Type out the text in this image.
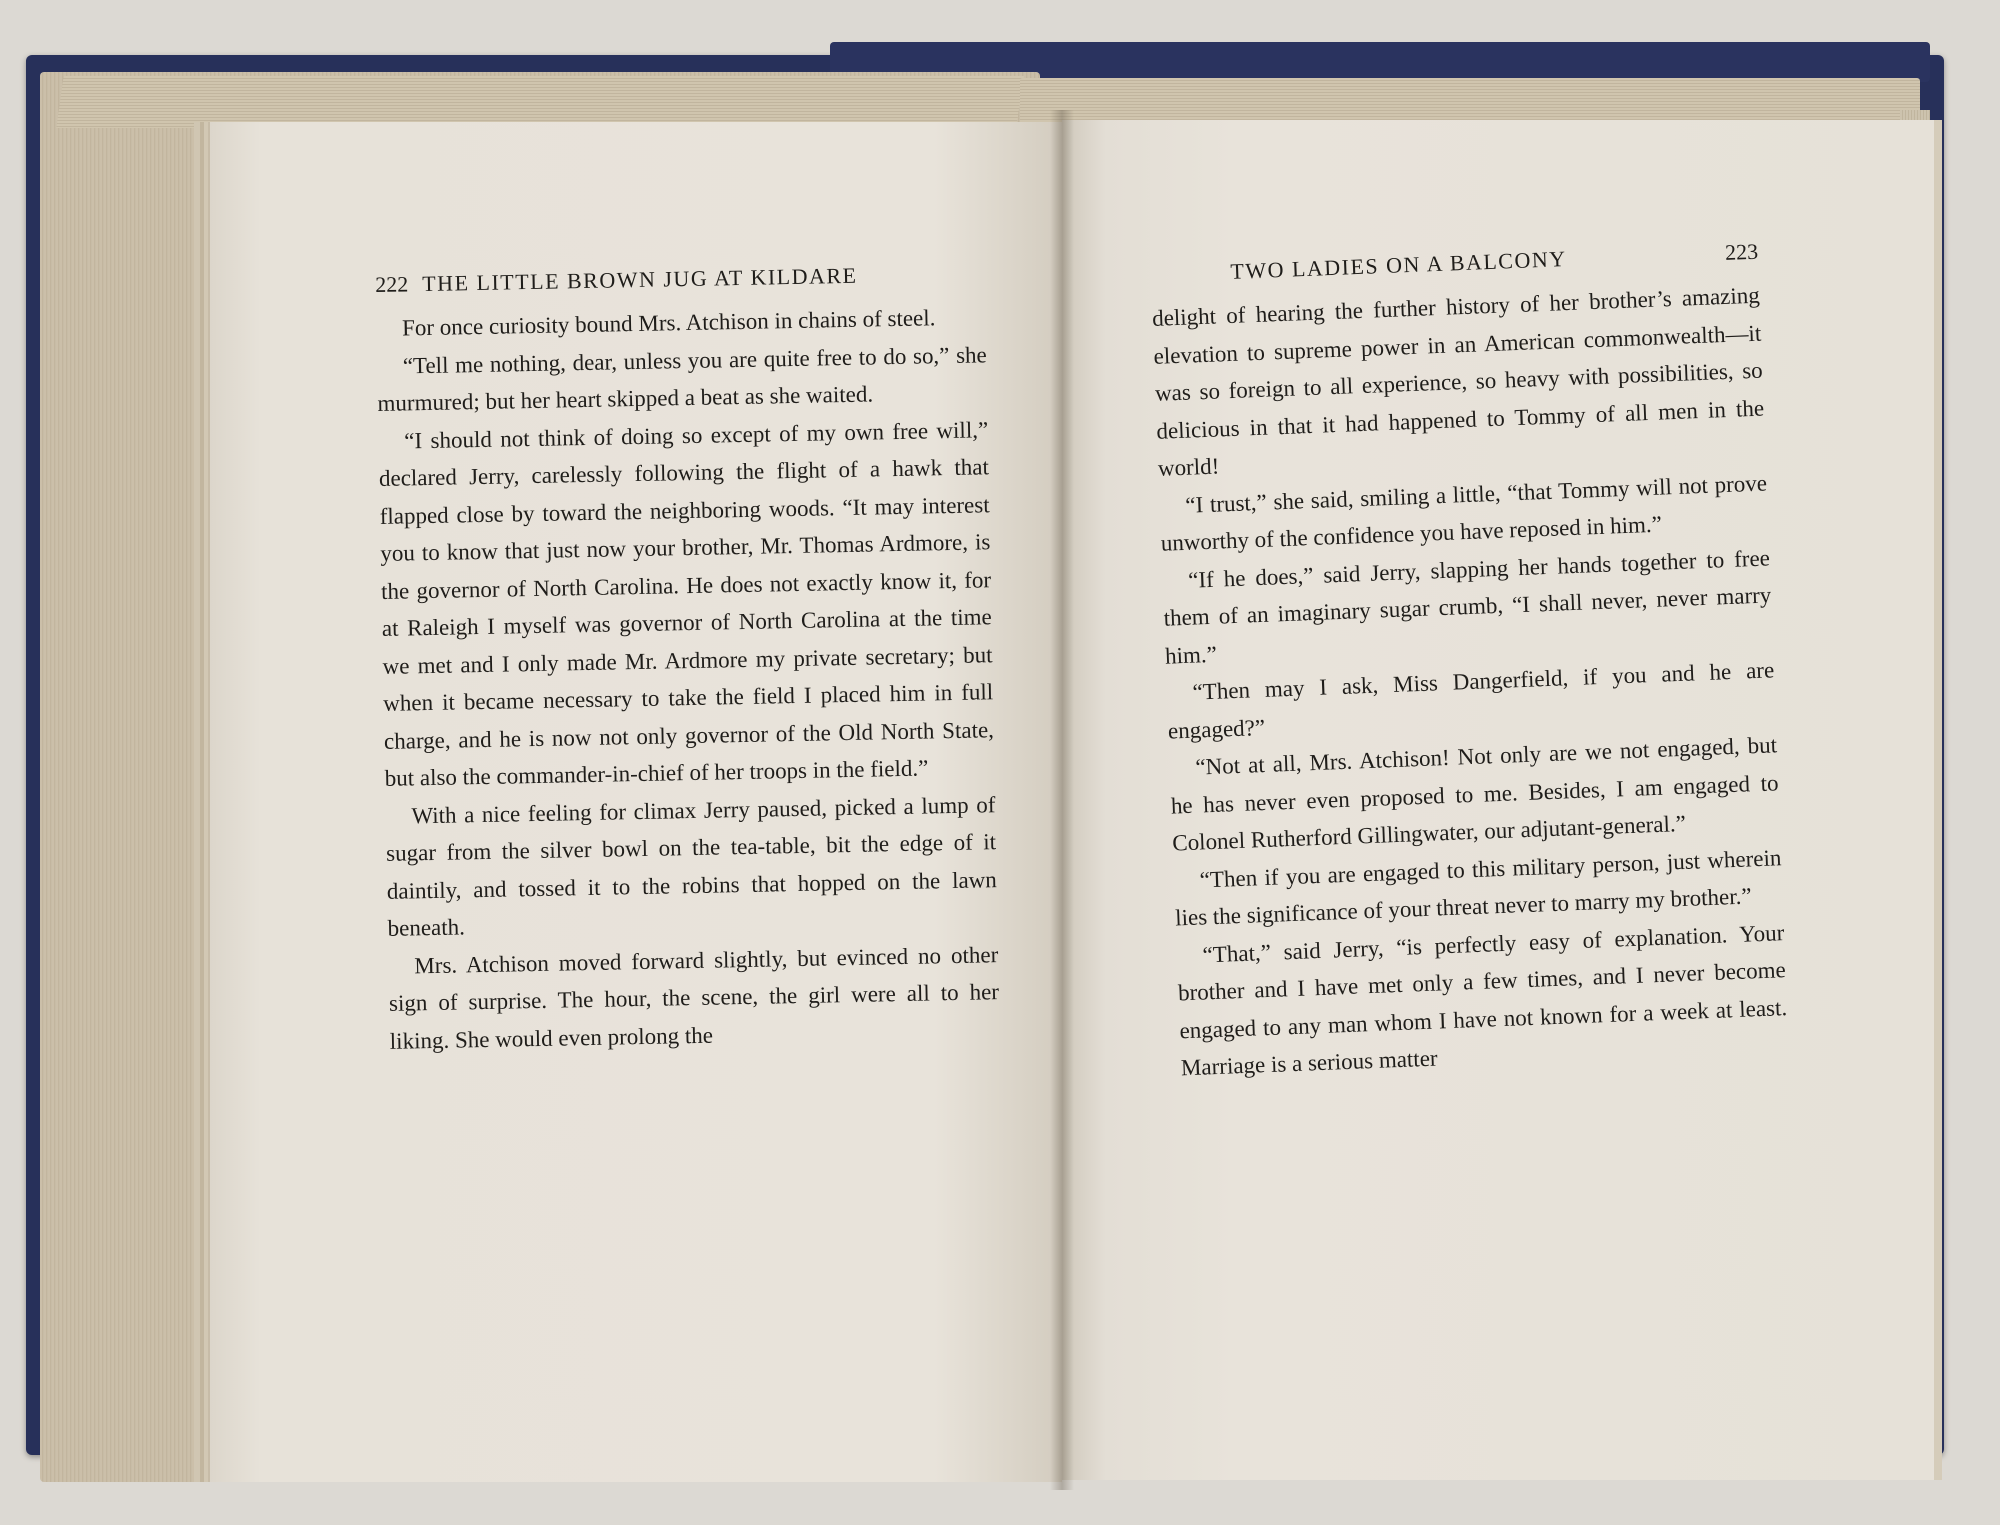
222 THE LITTLE BROWN JUG AT KILDARE

For once curiosity bound Mrs. Atchison in chains of steel.

“Tell me nothing, dear, unless you are quite free to do so,” she murmured; but her heart skipped a beat as she waited.

“I should not think of doing so except of my own free will,” declared Jerry, carelessly following the flight of a hawk that flapped close by toward the neighboring woods. “It may interest you to know that just now your brother, Mr. Thomas Ardmore, is the governor of North Carolina. He does not exactly know it, for at Raleigh I myself was governor of North Carolina at the time we met and I only made Mr. Ardmore my private secretary; but when it became necessary to take the field I placed him in full charge, and he is now not only governor of the Old North State, but also the commander-in-chief of her troops in the field.”

With a nice feeling for climax Jerry paused, picked a lump of sugar from the silver bowl on the tea-table, bit the edge of it daintily, and tossed it to the robins that hopped on the lawn beneath.

Mrs. Atchison moved forward slightly, but evinced no other sign of surprise. The hour, the scene, the girl were all to her liking. She would even prolong the

TWO LADIES ON A BALCONY	223

delight of hearing the further history of her brother’s amazing elevation to supreme power in an American commonwealth—it was so foreign to all experience, so heavy with possibilities, so delicious in that it had happened to Tommy of all men in the world!

“I trust,” she said, smiling a little, “that Tommy will not prove unworthy of the confidence you have reposed in him.”

“If he does,” said Jerry, slapping her hands together to free them of an imaginary sugar crumb, “I shall never, never marry him.”

“Then may I ask, Miss Dangerfield, if you and he are engaged?”

“Not at all, Mrs. Atchison! Not only are we not engaged, but he has never even proposed to me. Besides, I am engaged to Colonel Rutherford Gillingwater, our adjutant-general.”

“Then if you are engaged to this military person, just wherein lies the significance of your threat never to marry my brother.”

“That,” said Jerry, “is perfectly easy of explanation. Your brother and I have met only a few times, and I never become engaged to any man whom I have not known for a week at least. Marriage is a serious matter
